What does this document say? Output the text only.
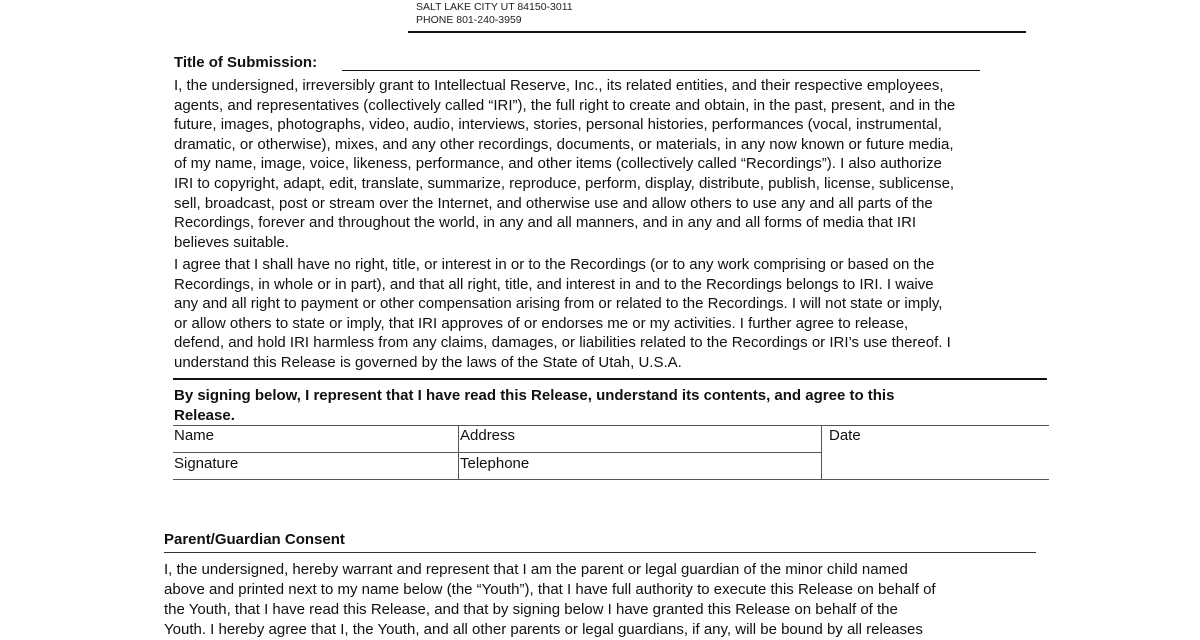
SALT LAKE CITY UT 84150-3011
PHONE 801-240-3959
Title of Submission:
I, the undersigned, irreversibly grant to Intellectual Reserve, Inc., its related entities, and their respective employees,
agents, and representatives (collectively called “IRI”), the full right to create and obtain, in the past, present, and in the
future, images, photographs, video, audio, interviews, stories, personal histories, performances (vocal, instrumental,
dramatic, or otherwise), mixes, and any other recordings, documents, or materials, in any now known or future media,
of my name, image, voice, likeness, performance, and other items (collectively called “Recordings”). I also authorize
IRI to copyright, adapt, edit, translate, summarize, reproduce, perform, display, distribute, publish, license, sublicense,
sell, broadcast, post or stream over the Internet, and otherwise use and allow others to use any and all parts of the
Recordings, forever and throughout the world, in any and all manners, and in any and all forms of media that IRI
believes suitable.
I agree that I shall have no right, title, or interest in or to the Recordings (or to any work comprising or based on the
Recordings, in whole or in part), and that all right, title, and interest in and to the Recordings belongs to IRI. I waive
any and all right to payment or other compensation arising from or related to the Recordings. I will not state or imply,
or allow others to state or imply, that IRI approves of or endorses me or my activities. I further agree to release,
defend, and hold IRI harmless from any claims, damages, or liabilities related to the Recordings or IRI’s use thereof. I
understand this Release is governed by the laws of the State of Utah, U.S.A.
By signing below, I represent that I have read this Release, understand its contents, and agree to this
Release.
Name	Address	Date
Signature	Telephone
Parent/Guardian Consent
I, the undersigned, hereby warrant and represent that I am the parent or legal guardian of the minor child named
above and printed next to my name below (the “Youth”), that I have full authority to execute this Release on behalf of
the Youth, that I have read this Release, and that by signing below I have granted this Release on behalf of the
Youth. I hereby agree that I, the Youth, and all other parents or legal guardians, if any, will be bound by all releases
